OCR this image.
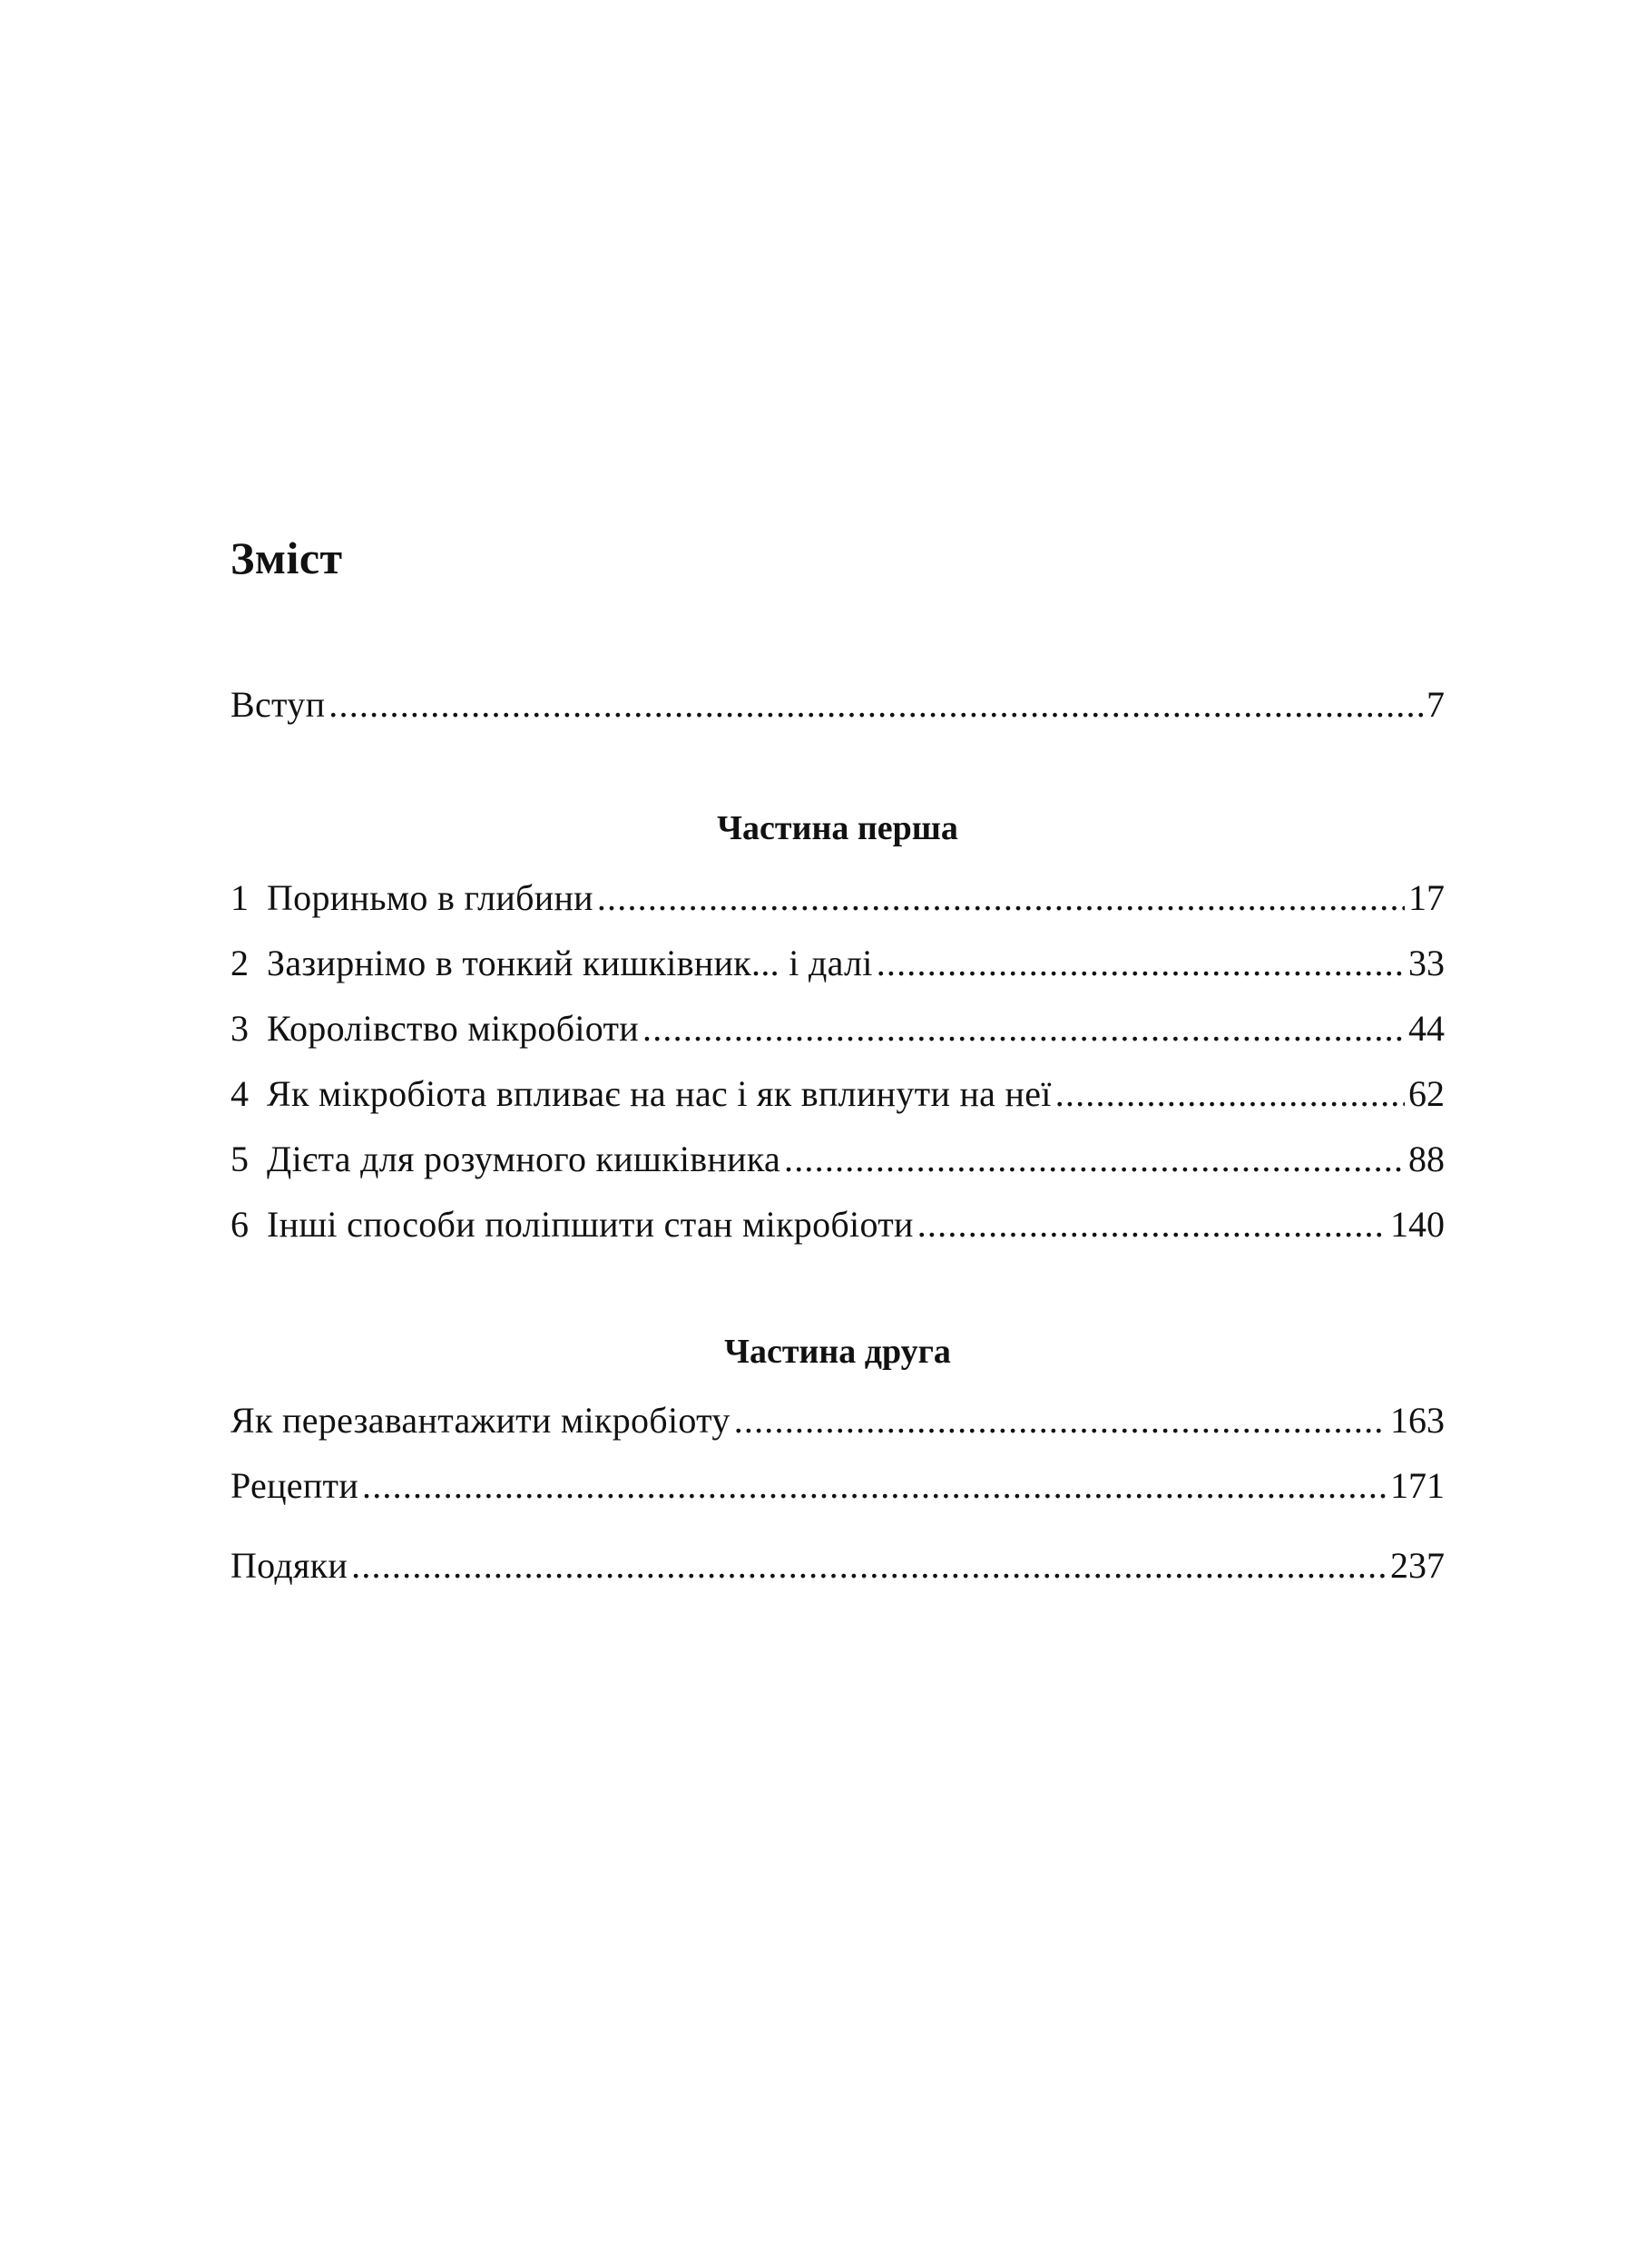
Зміст
Вступ .....	7
Частина перша
1 Пориньмо в глибини .....	17
2 Зазирнімо в тонкий кишківник... і далі .....	33
3 Королівство мікробіоти .....	44
4 Як мікробіота впливає на нас і як вплинути на неї .....	62
5 Дієта для розумного кишківника .....	88
6 Інші способи поліпшити стан мікробіоти .....	140
Частина друга
Як перезавантажити мікробіоту .....	163
Рецепти .....	171
Подяки .....	237
